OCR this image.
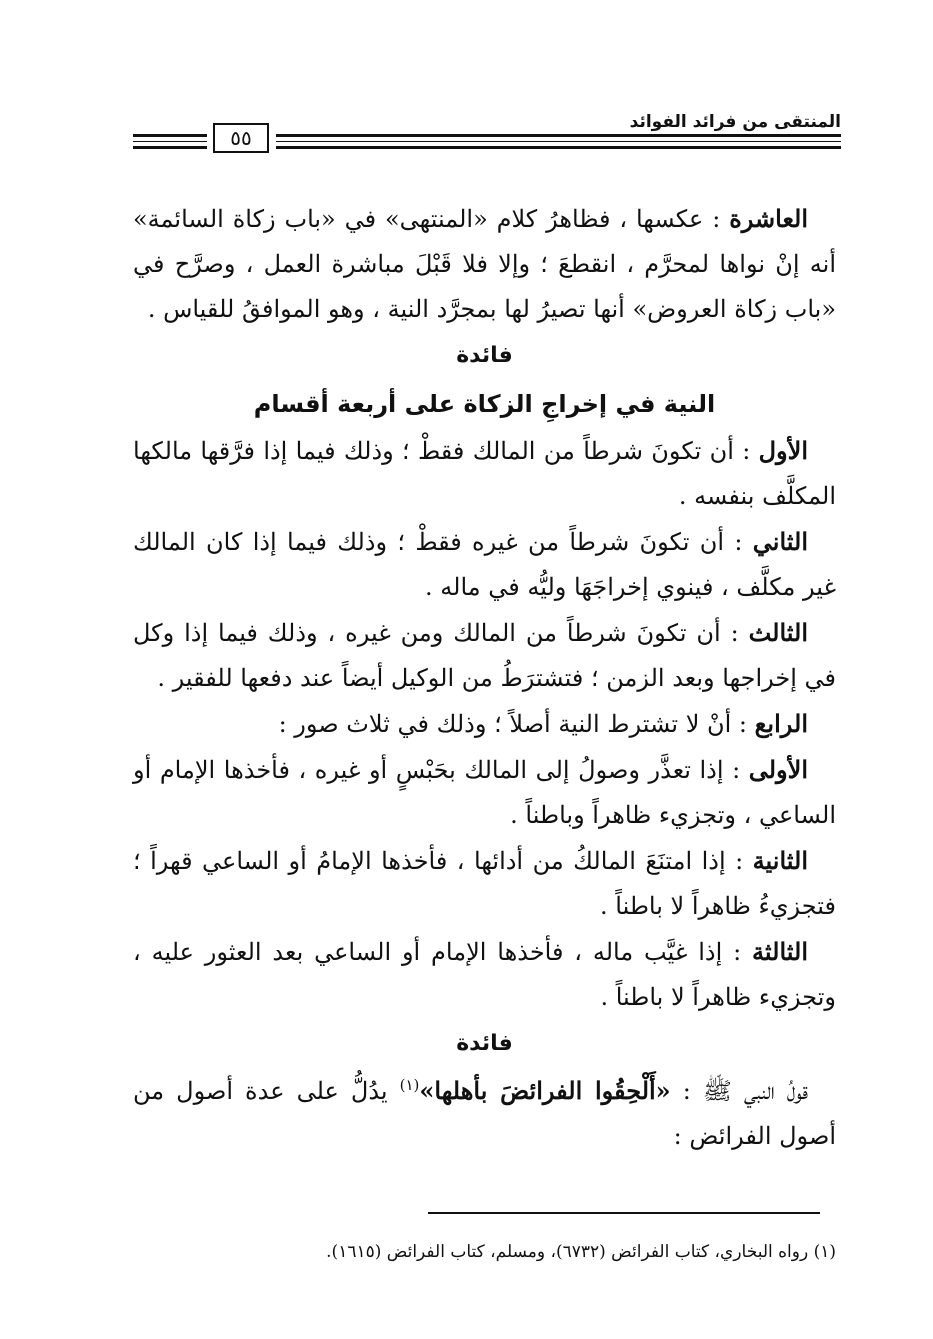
المنتقى من فرائد الفوائد
٥٥

العاشرة : عكسها ، فظاهرُ كلام «المنتهى» في «باب زكاة السائمة» أنه إنْ نواها لمحرَّم ، انقطعَ ؛ وإلا فلا قَبْلَ مباشرة العمل ، وصرَّح في «باب زكاة العروض» أنها تصيرُ لها بمجرَّد النية ، وهو الموافقُ للقياس .

فائدة

النية في إخراجِ الزكاة على أربعة أقسام

الأول : أن تكونَ شرطاً من المالك فقطْ ؛ وذلك فيما إذا فرَّقها مالكها المكلَّف بنفسه .

الثاني : أن تكونَ شرطاً من غيره فقطْ ؛ وذلك فيما إذا كان المالك غير مكلَّف ، فينوي إخراجَهَا وليُّه في ماله .

الثالث : أن تكونَ شرطاً من المالك ومن غيره ، وذلك فيما إذا وكل في إخراجها وبعد الزمن ؛ فتشترَطُ من الوكيل أيضاً عند دفعها للفقير .

الرابع : أنْ لا تشترط النية أصلاً ؛ وذلك في ثلاث صور :

الأولى : إذا تعذَّر وصولُ إلى المالك بحَبْسٍ أو غيره ، فأخذها الإمام أو الساعي ، وتجزيء ظاهراً وباطناً .

الثانية : إذا امتنَعَ المالكُ من أدائها ، فأخذها الإمامُ أو الساعي قهراً ؛ فتجزيءُ ظاهراً لا باطناً .

الثالثة : إذا غيَّب ماله ، فأخذها الإمام أو الساعي بعد العثور عليه ، وتجزيء ظاهراً لا باطناً .

فائدة

قولُ النبي ﷺ : «أَلْحِقُوا الفرائضَ بأهلها»$^{(١)}$ يدُلُّ على عدة أصول من أصول الفرائض :

(١) رواه البخاري، كتاب الفرائض (٦٧٣٢)، ومسلم، كتاب الفرائض (١٦١٥).
